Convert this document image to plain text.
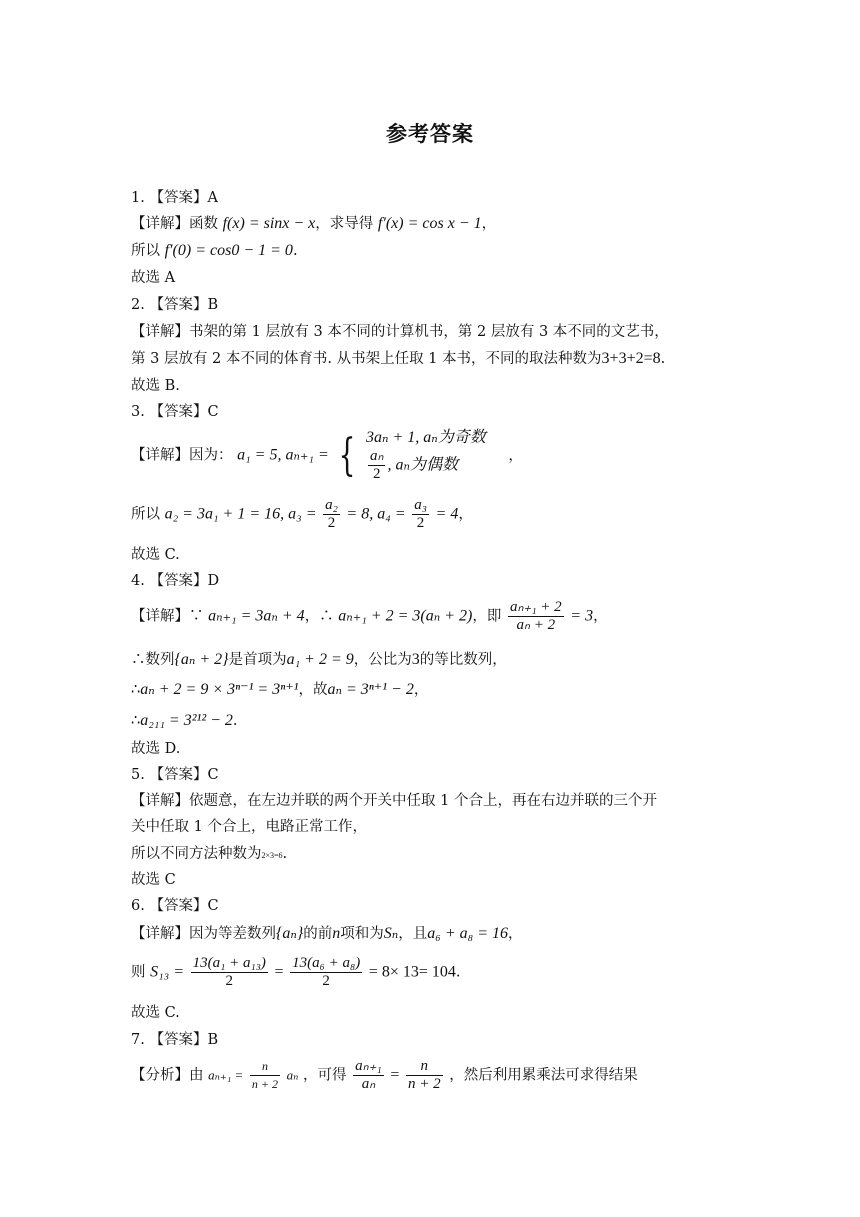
参考答案
1. 【答案】A
【详解】函数 f(x) = sinx − x，求导得 f′(x) = cos x − 1，
所以 f′(0) = cos0 − 1 = 0.
故选 A
2. 【答案】B
【详解】书架的第 1 层放有 3 本不同的计算机书，第 2 层放有 3 本不同的文艺书，
第 3 层放有 2 本不同的体育书. 从书架上任取 1 本书，不同的取法种数为3+3+2=8.
故选 B.
3. 【答案】C
【详解】因为： a₁ = 5, aₙ₊₁ = { 3aₙ + 1, aₙ为奇数
$\frac{\text{aₙ}}{2}$ , aₙ为偶数
，
所以 a₂ = 3a₁ + 1 = 16, $a_3 = \frac{\text{a₂}}{2} = 8$, $a_4 = \frac{\text{a₃}}{2} = 4$，
故选 C.
4. 【答案】D
【详解】∵ aₙ₊₁ = 3aₙ + 4，∴ aₙ₊₁ + 2 = 3(aₙ + 2)，即 $\frac{\text{aₙ₊₁ + 2}}{\text{aₙ + 2}} = 3$，
∴数列{aₙ + 2}是首项为a₁ + 2 = 9，公比为3的等比数列，
∴aₙ + 2 = 9 × 3ⁿ⁻¹ = 3ⁿ⁺¹，故aₙ = 3ⁿ⁺¹ − 2，
∴a₂₁₁ = 3²¹² − 2.
故选 D.
5. 【答案】C
【详解】依题意，在左边并联的两个开关中任取 1 个合上，再在右边并联的三个开
关中任取 1 个合上，电路正常工作，
所以不同方法种数为2×3=6.
故选 C
6. 【答案】C
【详解】因为等差数列{aₙ}的前n项和为Sₙ，且a₆ + a₈ = 16，
则 $S_{13} = \frac{\text{13(a₁ + a₁₃)}}{2} = \frac{\text{13(a₆ + a₈)}}{2} = 8\times 13= 104$.
故选 C.
7. 【答案】B
【分析】由 $a_{n+1} = \frac{n}{n + 2}$ aₙ ，可得 $\frac{\text{aₙ₊₁}}{\text{aₙ}} = \frac{n}{n + 2}$ ，然后利用累乘法可求得结果
